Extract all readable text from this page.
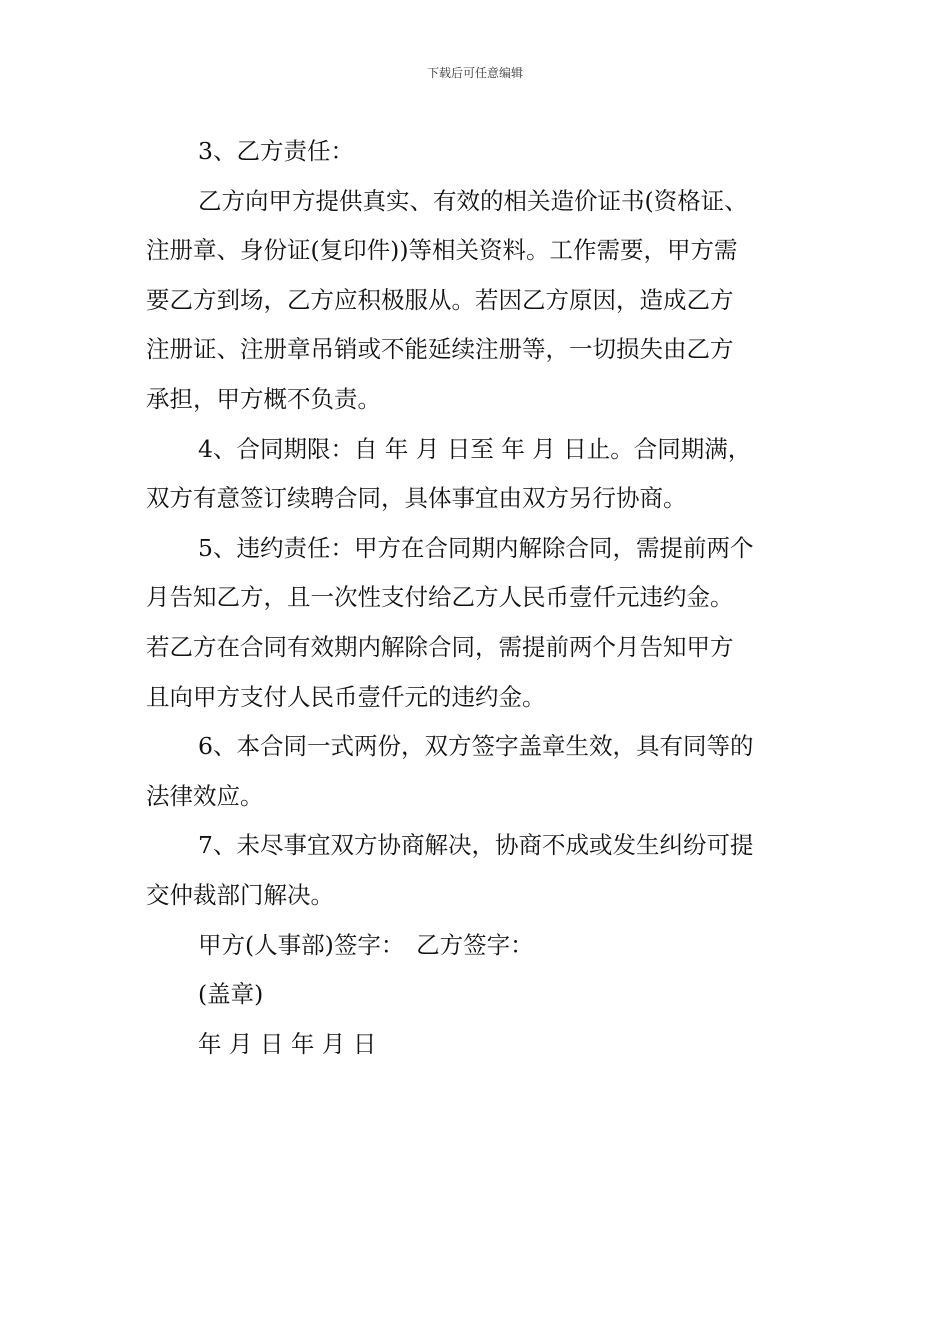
下载后可任意编辑

3、乙方责任：

乙方向甲方提供真实、有效的相关造价证书(资格证、

注册章、身份证(复印件))等相关资料。工作需要，甲方需

要乙方到场，乙方应积极服从。若因乙方原因，造成乙方

注册证、注册章吊销或不能延续注册等，一切损失由乙方

承担，甲方概不负责。

4、合同期限：自 年 月 日至 年 月 日止。合同期满，

双方有意签订续聘合同，具体事宜由双方另行协商。

5、违约责任：甲方在合同期内解除合同，需提前两个

月告知乙方，且一次性支付给乙方人民币壹仟元违约金。

若乙方在合同有效期内解除合同，需提前两个月告知甲方

且向甲方支付人民币壹仟元的违约金。

6、本合同一式两份，双方签字盖章生效，具有同等的

法律效应。

7、未尽事宜双方协商解决，协商不成或发生纠纷可提

交仲裁部门解决。

甲方(人事部)签字：　乙方签字：

(盖章)

年 月 日 年 月 日
